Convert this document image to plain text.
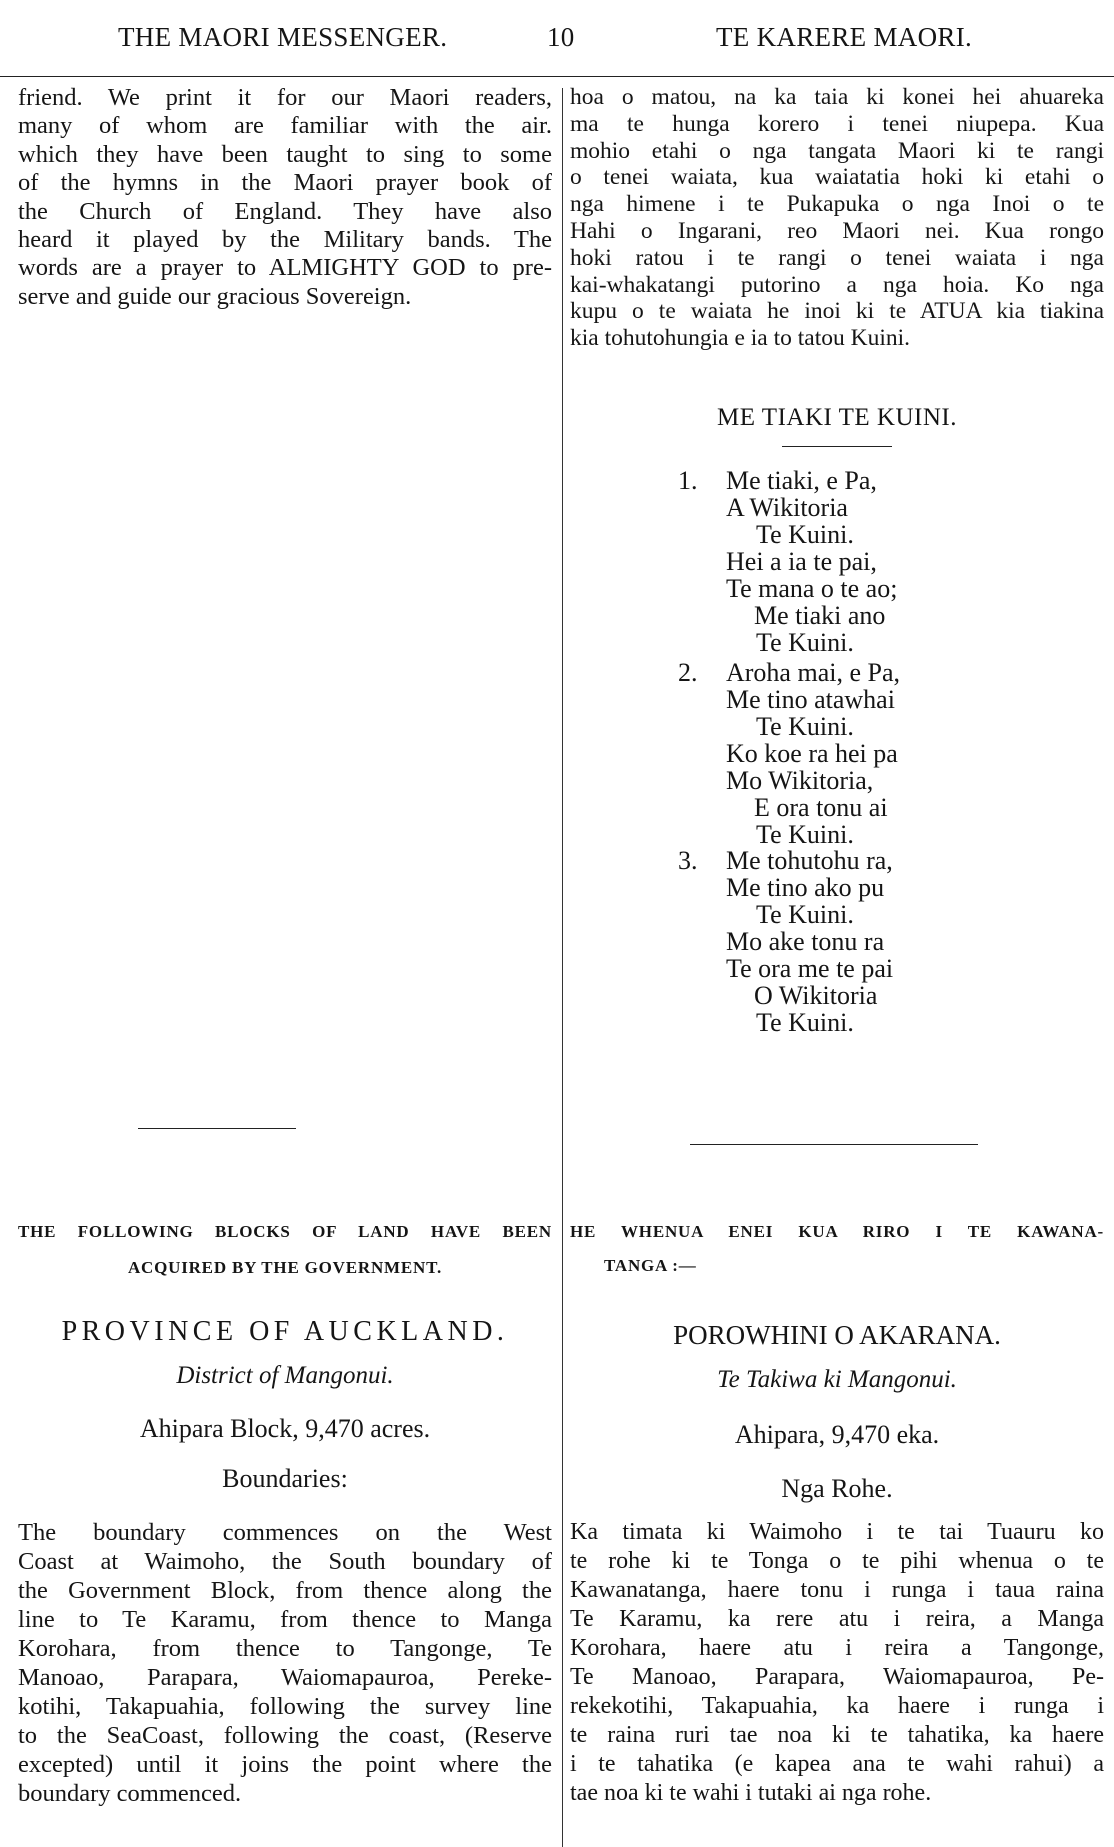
THE MAORI MESSENGER.	10	TE KARERE MAORI.
friend. We print it for our Maori readers,
many of whom are familiar with the air.
which they have been taught to sing to some
of the hymns in the Maori prayer book of
the Church of England. They have also
heard it played by the Military bands. The
words are a prayer to ALMIGHTY GOD to pre-
serve and guide our gracious Sovereign.
THE FOLLOWING BLOCKS OF LAND HAVE BEEN
ACQUIRED BY THE GOVERNMENT.
PROVINCE OF AUCKLAND.
District of Mangonui.
Ahipara Block, 9,470 acres.
Boundaries:
The boundary commences on the West
Coast at Waimoho, the South boundary of
the Government Block, from thence along the
line to Te Karamu, from thence to Manga
Korohara, from thence to Tangonge, Te
Manoao, Parapara, Waiomapauroa, Pereke-
kotihi, Takapuahia, following the survey line
to the SeaCoast, following the coast, (Reserve
excepted) until it joins the point where the
boundary commenced.
hoa o matou, na ka taia ki konei hei ahuareka
ma te hunga korero i tenei niupepa. Kua
mohio etahi o nga tangata Maori ki te rangi
o tenei waiata, kua waiatatia hoki ki etahi o
nga himene i te Pukapuka o nga Inoi o te
Hahi o Ingarani, reo Maori nei. Kua rongo
hoki ratou i te rangi o tenei waiata i nga
kai-whakatangi putorino a nga hoia. Ko nga
kupu o te waiata he inoi ki te ATUA kia tiakina
kia tohutohungia e ia to tatou Kuini.
ME TIAKI TE KUINI.
1. Me tiaki, e Pa,
A Wikitoria
Te Kuini.
Hei a ia te pai,
Te mana o te ao;
Me tiaki ano
Te Kuini.
2. Aroha mai, e Pa,
Me tino atawhai
Te Kuini.
Ko koe ra hei pa
Mo Wikitoria,
E ora tonu ai
Te Kuini.
3. Me tohutohu ra,
Me tino ako pu
Te Kuini.
Mo ake tonu ra
Te ora me te pai
O Wikitoria
Te Kuini.
HE WHENUA ENEI KUA RIRO I TE KAWANA-
TANGA :—
POROWHINI O AKARANA.
Te Takiwa ki Mangonui.
Ahipara, 9,470 eka.
Nga Rohe.
Ka timata ki Waimoho i te tai Tuauru ko
te rohe ki te Tonga o te pihi whenua o te
Kawanatanga, haere tonu i runga i taua raina
Te Karamu, ka rere atu i reira, a Manga
Korohara, haere atu i reira a Tangonge,
Te Manoao, Parapara, Waiomapauroa, Pe-
rekekotihi, Takapuahia, ka haere i runga i
te raina ruri tae noa ki te tahatika, ka haere
i te tahatika (e kapea ana te wahi rahui) a
tae noa ki te wahi i tutaki ai nga rohe.
